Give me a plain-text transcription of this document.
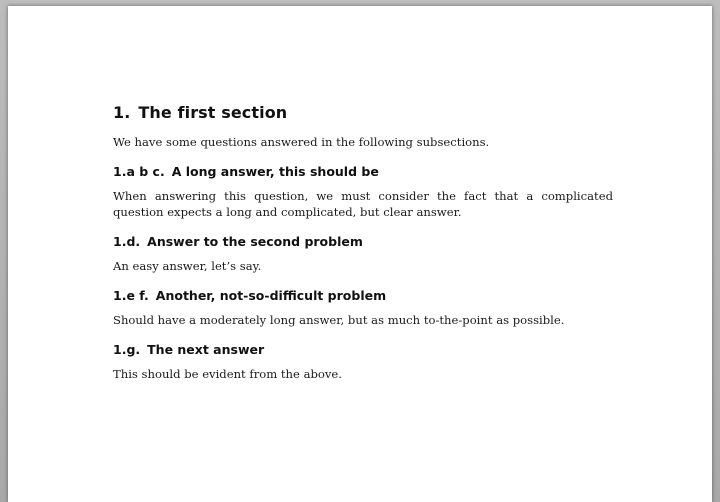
1. The first section

We have some questions answered in the following subsections.

1.a b c. A long answer, this should be

When answering this question, we must consider the fact that a complicated question expects a long and complicated, but clear answer.

1.d. Answer to the second problem

An easy answer, let’s say.

1.e f. Another, not-so-difficult problem

Should have a moderately long answer, but as much to-the-point as possible.

1.g. The next answer

This should be evident from the above.
